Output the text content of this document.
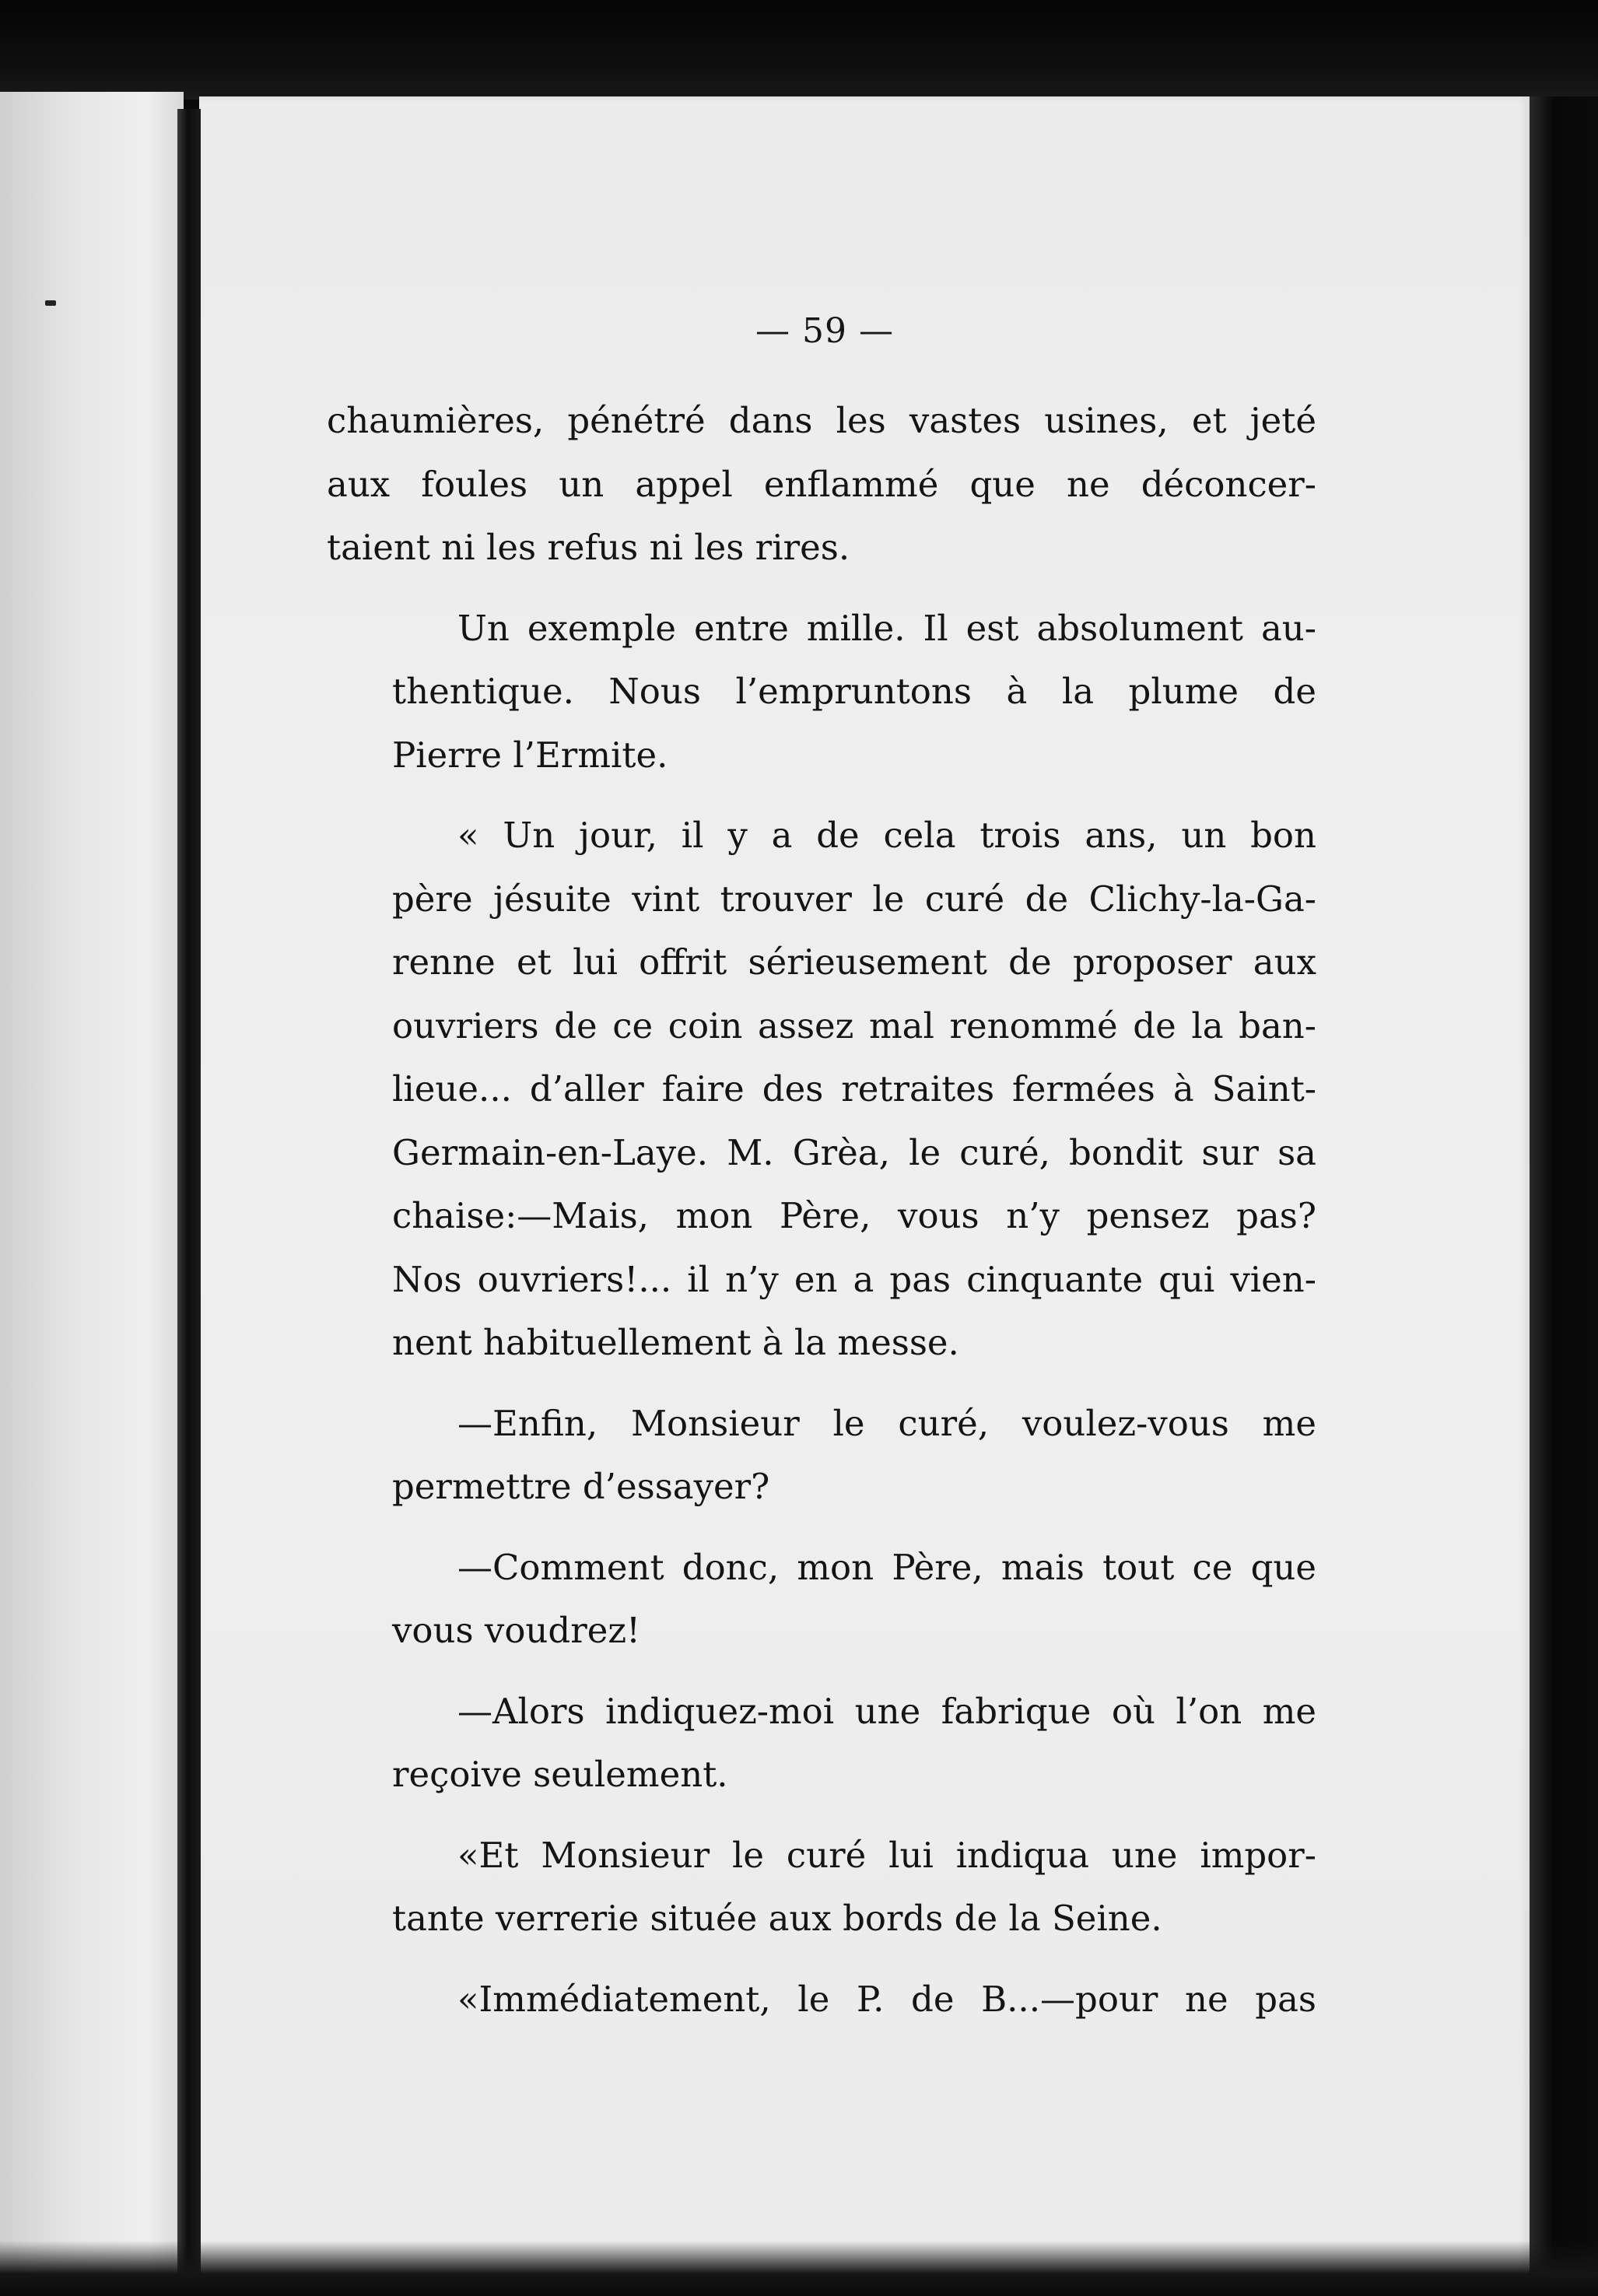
— 59 —
chaumières, pénétré dans les vastes usines, et jeté
aux foules un appel enflammé que ne déconcer-
taient ni les refus ni les rires.
Un exemple entre mille. Il est absolument au-
thentique. Nous l’empruntons à la plume de
Pierre l’Ermite.
« Un jour, il y a de cela trois ans, un bon
père jésuite vint trouver le curé de Clichy-la-Ga-
renne et lui offrit sérieusement de proposer aux
ouvriers de ce coin assez mal renommé de la ban-
lieue... d’aller faire des retraites fermées à Saint-
Germain-en-Laye. M. Grèa, le curé, bondit sur sa
chaise:—Mais, mon Père, vous n’y pensez pas?
Nos ouvriers!... il n’y en a pas cinquante qui vien-
nent habituellement à la messe.
—Enfin, Monsieur le curé, voulez-vous me
permettre d’essayer?
—Comment donc, mon Père, mais tout ce que
vous voudrez!
—Alors indiquez-moi une fabrique où l’on me
reçoive seulement.
«Et Monsieur le curé lui indiqua une impor-
tante verrerie située aux bords de la Seine.
«Immédiatement, le P. de B...—pour ne pas
